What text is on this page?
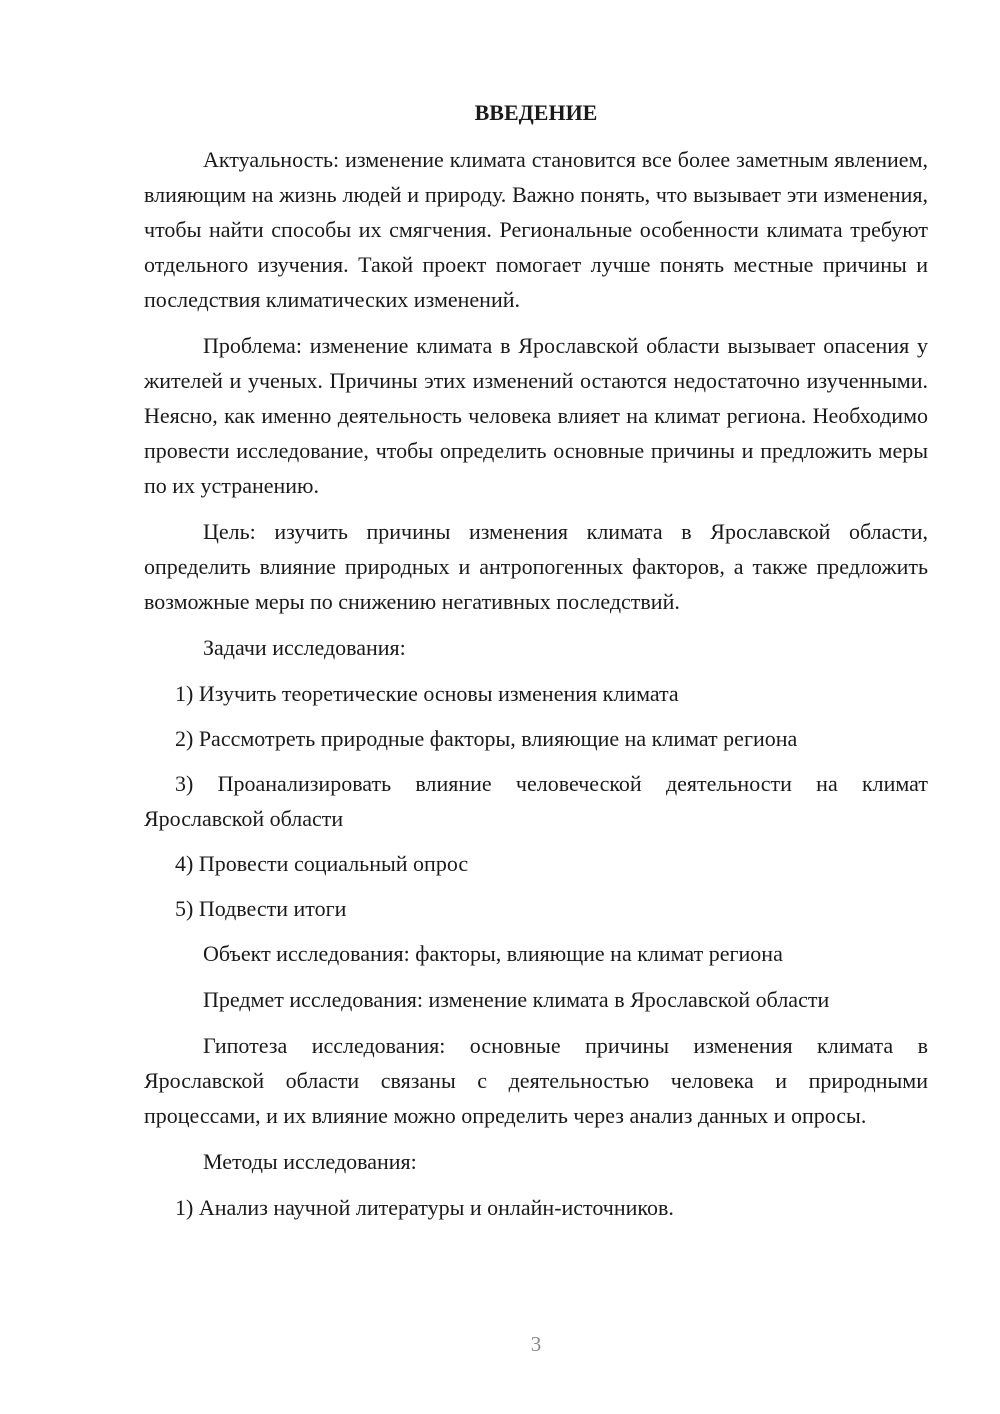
ВВЕДЕНИЕ

Актуальность: изменение климата становится все более заметным явлением, влияющим на жизнь людей и природу. Важно понять, что вызывает эти изменения, чтобы найти способы их смягчения. Региональные особенности климата требуют отдельного изучения. Такой проект помогает лучше понять местные причины и последствия климатических изменений.

Проблема: изменение климата в Ярославской области вызывает опасения у жителей и ученых. Причины этих изменений остаются недостаточно изученными. Неясно, как именно деятельность человека влияет на климат региона. Необходимо провести исследование, чтобы определить основные причины и предложить меры по их устранению.

Цель: изучить причины изменения климата в Ярославской области, определить влияние природных и антропогенных факторов, а также предложить возможные меры по снижению негативных последствий.

Задачи исследования:

1) Изучить теоретические основы изменения климата

2) Рассмотреть природные факторы, влияющие на климат региона

3) Проанализировать влияние человеческой деятельности на климат Ярославской области

4) Провести социальный опрос

5) Подвести итоги

Объект исследования: факторы, влияющие на климат региона

Предмет исследования: изменение климата в Ярославской области

Гипотеза исследования: основные причины изменения климата в Ярославской области связаны с деятельностью человека и природными процессами, и их влияние можно определить через анализ данных и опросы.

Методы исследования:

1) Анализ научной литературы и онлайн-источников.

3
